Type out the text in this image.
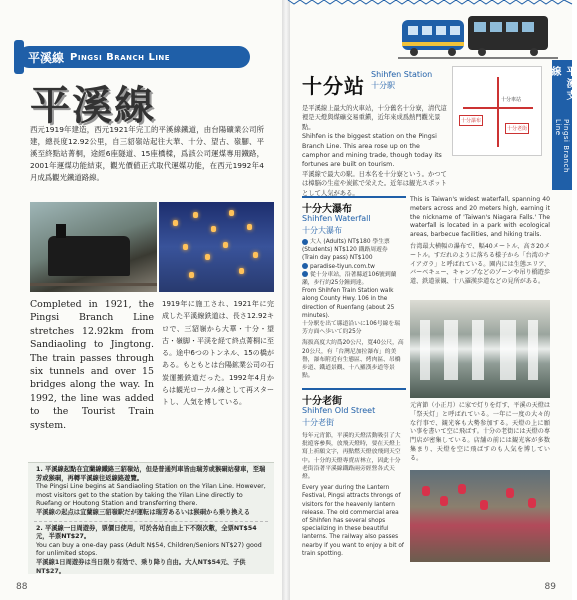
平溪線 Pingsi Branch Line
平溪線
西元1919年建造，西元1921年完工的平溪線鐵道，由台陽礦業公司所建，總長度12.92公里，自三貂嶺站起往大華、十分、望古、嶺腳、平溪至終點站菁桐，途經6座隧道、15座橋樑，爲該公司運煤專用鐵路，2001年運煤功能結束，觀光價値正式取代運媒功能，在西元1992年4月成爲觀光鐵道路線。
Completed in 1921, the Pingsi Branch Line stretches 12.92km from Sandiaoling to Jingtong. The train passes through six tunnels and over 15 bridges along the way. In 1992, the line was added to the Tourist Train system.
1919年に施工され、1921年に完成した平溪線鉄道は、長さ12.92キロで、三貂嶺から大華・十分・望古・嶺脚・平渓を経て終点菁桐に至る。途中6つのトンネル、15の橋がある。もともとは台陽鉱業公司の石炭運搬鉄道だった。1992年4月からは観光ローカル線として再スタートし、人気を博している。
1. 平溪線起點在宜蘭線鐵路三貂嶺站，但是普通列車皆由瑞芳或猴硐站發車，至瑞芳或猴硐，再轉平溪線往返線路遊覽。
The Pingsi Line begins at Sandiaoling Station on the Yilan Line. However, most visitors get to the station by taking the Yilan Line directly to Ruefang or Houtong Station and transferring there.
平溪線の起点は宜蘭線三貂嶺駅だが運転は瑞芳あるいは猴硐から乗り換える
2. 平溪線一日周遊券，票價日使用，可於各站自由上下不限次數，全票NT$54元，半票NT$27。
You can buy a one-day pass (Adult N$54, Children/Seniors NT$27) good for unlimited stops.
平溪線1日周遊券は当日限り有効で、乗り降り自由。大人NT$54元、子供NT$27。
88
平溪支線
Pingsi Branch Line
十分站 Shihfen Station
十分駅
是平溪線上最大的火車站，十分舊名十分寮，清代這裡是天燈與煤礦交易重鎭，近年來成爲熱門觀光景點。
Shihfen is the biggest station on the Pingsi Branch Line. This area rose up on the camphor and mining trade, though today its fortunes are built on tourism.
平溪線で最大の駅。日本名を十分寮という。かつては樟脳の生産や炭鉱で栄えた。近年は観光スポットとして人気がある。
十分車站
十分瀑布
十分老街
十分大瀑布
Shihfen Waterfall
十分大瀑布
大人 (Adults) NT$180 學生票 (Students) NT$120 鐵路周遊券 (Train day pass) NT$100
paradise-tiyun.com.tw
從十分車站，沿著縣道106號到蘭瀨，步行約25分鐘到達。
From Shihfen Train Station walk along County Hwy. 106 in the direction of Ruenfang (about 25 minutes).
十分駅を出て縣道沿いに106号線を瑞芳方面へ歩いて約25分
海拔高度大約爲20公尺，寬40公尺，高20公尺，有「台灣尼加拉瀑布」的美譽，瀑布附近有生態區、烤肉區、吊橋步道、鐵道景觀、十八羅漢步道等景點。
This is Taiwan's widest waterfall, spanning 40 meters across and 20 meters high, earning it the nickname of 'Taiwan's Niagara Falls.' The waterfall is located in a park with ecological areas, barbecue facilities, and hiking trails.
台湾最大横幅の瀑布で、幅40メートル、高さ20メートル。すだれのように落ちる様子から「台湾のナイアガラ」と呼ばれている。園内には生態エリア、バーベキュー、キャンプなどのゾーンや吊り橋遊歩道、鉄道景観、十八羅漢歩道などの見所がある。
十分老街
Shihfen Old Street
十分老街
每年元宵節，平溪的天燈活動吸引了大批遊客參與，放飛天燈時，要在天燈上寫上祈願文字，再點燃天燈放飛到天空中。十分的天燈專賣店林立，因此十分老街沿著平溪線鐵路兩旁經營各式天燈。
Every year during the Lantern Festival, Pingsi attracts throngs of visitors for the heavenly lantern release. The old commercial area of Shihfen has several shops specializing in these beautiful lanterns. The railway also passes nearby if you want to enjoy a bit of train spotting.
元宵節（小正月）に家で灯りを灯す、平溪の天燈は「祭天灯」と呼ばれている。一年に一度の大々的な行事で、観光客も大勢参加する。天燈の上に願い事を書いて空に飛ばす。十分の老街には天燈の専門店が密集している。店舗の前には観光客が多数集まり、天燈を空に飛ばすのも人気を博している。
89
